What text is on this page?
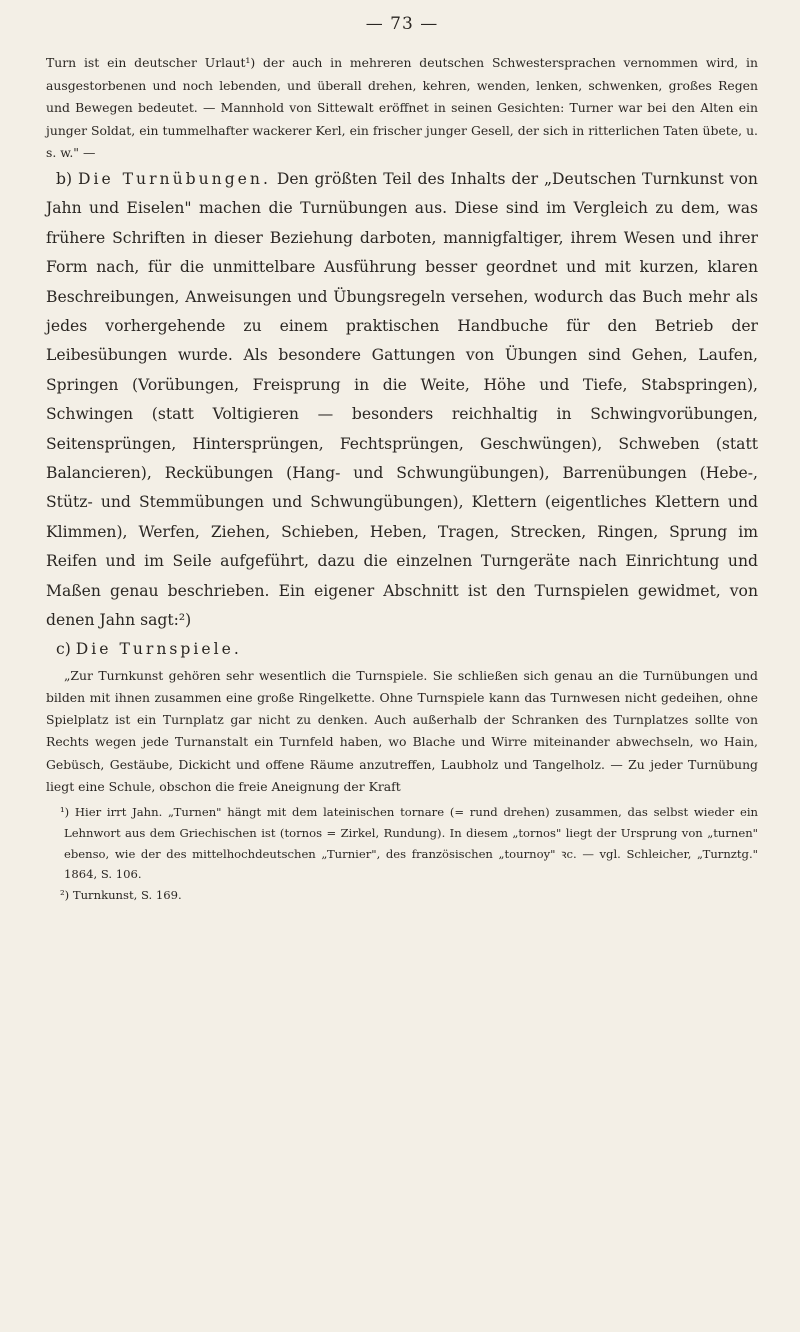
— 73 —

Turn ist ein deutscher Urlaut¹) der auch in mehreren deutschen Schwestersprachen vernommen wird, in ausgestorbenen und noch lebenden, und überall drehen, kehren, wenden, lenken, schwenken, großes Regen und Bewegen bedeutet. — Mannhold von Sittewalt eröffnet in seinen Gesichten: Turner war bei den Alten ein junger Soldat, ein tummelhafter wackerer Kerl, ein frischer junger Gesell, der sich in ritterlichen Taten übete, u. s. w." —

b) Die Turnübungen. Den größten Teil des Inhalts der „Deutschen Turnkunst von Jahn und Eiselen" machen die Turnübungen aus. Diese sind im Vergleich zu dem, was frühere Schriften in dieser Beziehung darboten, mannigfaltiger, ihrem Wesen und ihrer Form nach, für die unmittelbare Ausführung besser geordnet und mit kurzen, klaren Beschreibungen, Anweisungen und Übungsregeln versehen, wodurch das Buch mehr als jedes vorhergehende zu einem praktischen Handbuche für den Betrieb der Leibesübungen wurde. Als besondere Gattungen von Übungen sind Gehen, Laufen, Springen (Vorübungen, Freisprung in die Weite, Höhe und Tiefe, Stabspringen), Schwingen (statt Voltigieren — besonders reichhaltig in Schwingvorübungen, Seitensprüngen, Hintersprüngen, Fechtsprüngen, Geschwüngen), Schweben (statt Balancieren), Reckübungen (Hang- und Schwungübungen), Barrenübungen (Hebe-, Stütz- und Stemmübungen und Schwungübungen), Klettern (eigentliches Klettern und Klimmen), Werfen, Ziehen, Schieben, Heben, Tragen, Strecken, Ringen, Sprung im Reifen und im Seile aufgeführt, dazu die einzelnen Turngeräte nach Einrichtung und Maßen genau beschrieben. Ein eigener Abschnitt ist den Turnspielen gewidmet, von denen Jahn sagt:²)

c) Die Turnspiele.

„Zur Turnkunst gehören sehr wesentlich die Turnspiele. Sie schließen sich genau an die Turnübungen und bilden mit ihnen zusammen eine große Ringelkette. Ohne Turnspiele kann das Turnwesen nicht gedeihen, ohne Spielplatz ist ein Turnplatz gar nicht zu denken. Auch außerhalb der Schranken des Turnplatzes sollte von Rechts wegen jede Turnanstalt ein Turnfeld haben, wo Blache und Wirre miteinander abwechseln, wo Hain, Gebüsch, Gestäube, Dickicht und offene Räume anzutreffen, Laubholz und Tangelholz. — Zu jeder Turnübung liegt eine Schule, obschon die freie Aneignung der Kraft

¹) Hier irrt Jahn. „Turnen" hängt mit dem lateinischen tornare (= rund drehen) zusammen, das selbst wieder ein Lehnwort aus dem Griechischen ist (tornos = Zirkel, Rundung). In diesem „tornos" liegt der Ursprung von „turnen" ebenso, wie der des mittelhochdeutschen „Turnier", des französischen „tournoy" ꝛc. — vgl. Schleicher, „Turnztg." 1864, S. 106.

²) Turnkunst, S. 169.
